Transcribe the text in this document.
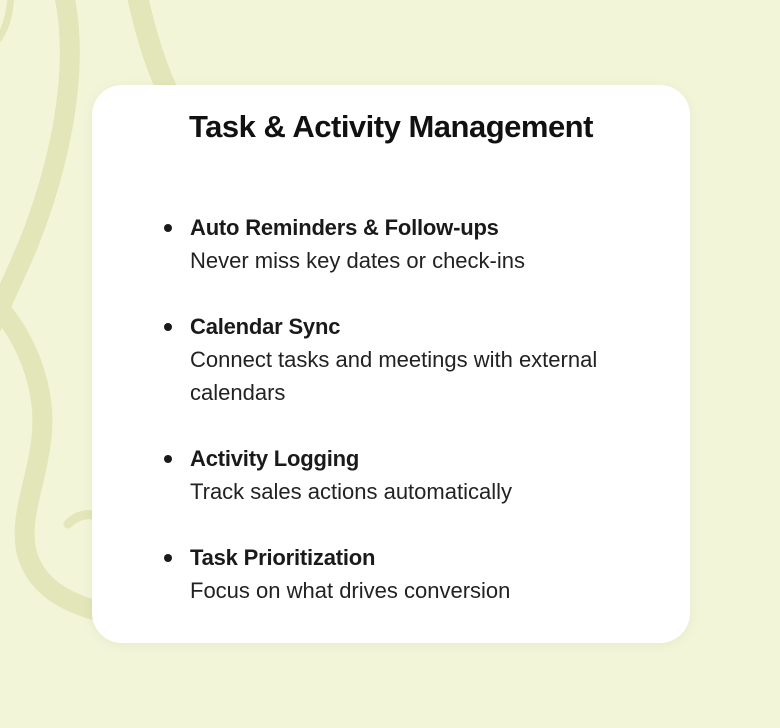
Task & Activity Management
Auto Reminders & Follow-ups
Never miss key dates or check-ins
Calendar Sync
Connect tasks and meetings with external calendars
Activity Logging
Track sales actions automatically
Task Prioritization
Focus on what drives conversion
